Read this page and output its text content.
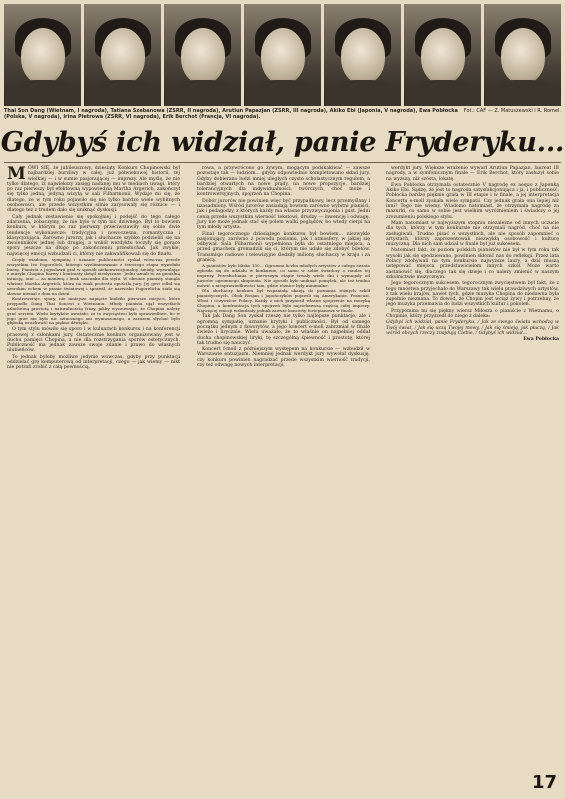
Fot.: CAF — Z. Matuszewski i R. Romel.
Thai Son Dang (Wietnam, I nagroda), Tatiana Szebanowa (ZSRR, II nagroda), Arutiun Papazjan (ZSRR, III nagroda), Akiko Ebi (Japonia, V nagroda), Ewa Pobłocka (Polska, V nagroda), Irina Pietrowa (ZSRR, VI nagroda), Erik Berchot (Francja, VI nagroda).
Gdybyś ich widział, panie Fryderyku...

MÓWI SIĘ, że jubileuszowy, dziesiąty Konkurs Chopinowski był najbardziej burzliwy w całej, już półwiekowej historii, tej wielkiej — i w sumie pasjonującej — imprezy. Ale myślę, że nie tylko dlatego, iż najwiekszy zasięg nadanej mu w mediach uwagi, który po raz pierwszy był efektowną wypowiedzią Martha Argerich, zakończył się tylko jedną, jedyną wizytą w sali Filharmonii. Wydaje mi się, że dlatego, że w tym roku pojawiło się nie tylko bardzo wiele wybitnych osobowości, ale przede wszystkim silnie zarysowały się różnice — i dlatego też z trudem dało się uniknąć dyskusji.

Cały jednak zestawienie się spokojniej i podejść do tego całego zdarzenia, zobaczymy, że nie było w tym nic dziwnego. Był to bowiem konkurs, w którym po raz pierwszy przeciwstawiły się sobie dwie tendencje wykonawcze: tradycyjna i nowoczesna, romantyczna i klasycyzująca. Zarówno jurorzy, jak i słuchacze szybko podzielili się na zwolenników jednej lub drugiej, a wokół werdyktu toczyły się gorące spory jeszcze na długo po zakończeniu przesłuchań. Jak zwykle, najwięcej emocji wzbudzali ci, którzy nie zakwalifikowali się do finału.

Ciepły wiadomo, sympatię i uznanie publiczności zyskał wówczas przede wszystkim Ivo Pogorelich, którego wyeliminowanie z trzeciego etapu wywołało burzę. Pianista z Jugosławii grał w sposób niekonwencjonalny, śmiały, wyzwalając z muzyki Chopina barwy i kontrasty dotąd niesłyszane. Jedni uznali to za genialną intuicję, inni — za manierę i brak szacunku dla stylu. W obronie pianisty stanęła właśnie Martha Argerich, która na znak protestu opuściła jury. Jej gest odbił się szerokim echem w prasie światowej i sprawił, że nazwisko Pogorelicha stało się sławne niemal z dnia na dzień.

Kontrowersje, spory, nie mniejsze napięcie budziło pierwsze miejsce, które przypadło Dang Thai Sonowi z Wietnamu. Młody pianista ujął wszystkich szlachetną prostotą i naturalnością frazy, jakby wyczuwając, że Chopina należy grać sercem. Wielu krytyków uważało, że to zwycięstwo było sprawiedliwe, bo w jego grze nie było nic sztucznego ani wymuszonego, a zarazem słychać było głęboką wrażliwość na piękno dźwięku.

O tym stylu mówiło się sporo i w kuluarach konkursu i na konferencji prasowej z członkami jury. Ostatecznie konkurs organizowany jest w duchu pamięci Chopina, a nie dla rozstrzygania sporów estetycznych. Publiczność ma jednak zawsze swoje zdanie i prawo do własnych ulubieńców.

To jednak byłoby możliwe jedynie wówczas, gdyby przy punktacji oddzielać grę komputerową od interpretacji, czego — jak wiemy — nikt nie potrafi zrobić z całą pewnością.

rowa, a przywrócono go żywym, mogącym podskakiwać — zawsze pozostaje tak — ludziom... gdyby odpowiednio kompletowano skład jury. Gdyby dobierano ludzi mniej uległych czysto scholastycznym regułom, a bardziej otwartych na nowe prądy, na nowe propozycje, bardziej tolerancyjnych dla indywidualności, twórczych, choć może i kontrowersyjnych, spojrzeń na Chopina.

Dobór jurorów nie powinien więc być przypadkowy, lecz przemyślany i uzasadniony. Wśród jurorów zasiadają bowiem zarówno wybitni pianiści, jak i pedagodzy, z których każdy ma własne przyzwyczajenia i gust. Jedni cenią przede wszystkim wierność tekstowi, drudzy — inwencję i odwagę. Jury nie może jednak stać się polem walki poglądów, bo wtedy cierpi na tym młody artysta.

Final tegorocznego dziesiątego konkursu był bowiem... niezwykle pasjonujący, zarówno z powodu poziomu, jak i atmosfery, w jakiej się odbywał. Sala Filharmonii wypełniona była do ostatniego miejsca, a przed gmachem gromadzili się ci, którym nie udało się zdobyć biletów. Transmisje radiowe i telewizyjne śledziły miliony słuchaczy w kraju i za granicą.

A pianistów było blisko 150... Ogromna liczba młodych artystów z całego świata zgłosiła się do udziału w konkursie, co samo w sobie świadczy o randze tej imprezy. Przesłuchania w pierwszym etapie trwały wiele dni i wymagały od jurorów ogromnego skupienia. Nie sposób było uniknąć pomyłek, ale też trudno mówić o niesprawiedliwości tam, gdzie różnice były minimalne.

Dla słuchaczy konkurs był wspaniałą okazją do poznania różnych szkół pianistycznych. Obok Rosjan i Japończyków pojawili się Amerykanie, Francuzi, Włosi i oczywiście Polacy. Każdy z nich przynosił własne spojrzenie na muzykę Chopina, a konfrontacja tych spojrzeń była najciekawszą częścią całej imprezy. Najwięcej emocji wzbudzały jednak zawsze koncerty fortepianowe w finale.

Tak jak Dang Son zyskał rzeszę nie tylko najlepsze punktacje, ale i ogromną sympatię, uznanie krytyki i publiczności. Był od samego początku jednym z faworytów, a jego koncert e-moll zabrzmiał w finale świeżo i lirycznie. Wielu uważało, że to właśnie on najpełniej oddał ducha chopinowskiej liryki, tę szczególną śpiewność i prostotę, której tak trudno się nauczyć.

Koncert f-moll z późniejszym występem na konkursie — wzbudził w Warszawie entuzjazm. Niemniej jednak werdykt jury wywołał dyskusję, czy konkurs powinien nagradzać przede wszystkim wierność tradycji, czy też odwagę nowych interpretacji.

werdykt jury. Większe wrażenie wywarł Arutiun Papazjan, laureat III nagrody, a w symfonicznym finale — Erik Berchot, który zasłużył sobie na wyższą, niż szósta, lokatę.

Ewa Pobłocka otrzymała ostatecznie V nagrodę ex aequo z Japonką Akiko Ebi. Sądzę, że jest to nagroda satysfakcjonująca i ja, i publiczność. Pobłocka bardzo pięknie grała w III etapie i w finale, a jej interpretacja Koncertu e-moll zyskała wiele sympatii. Czy jednak grała ona lepiej niż inni? Tego nie wiemy. Wiadomo natomiast, że otrzymała nagrodę za mazurki, co samo w sobie jest wielkim wyróżnieniem i świadczy o jej zrozumieniu polskiego stylu.

Mam natomiast w najwyższym stopniu niezależne od innych uczucie dla tych, którzy w tym konkursie nie otrzymali nagród, choć na nie zasługiwali. Trudno pisać o wszystkich, ale nie sposób zapomnieć o artystach, którzy zaprezentowali niezwykłą osobowość i kulturę muzyczną. Dla nich sam udział w finale był już sukcesem.

Natomiast fakt, że poziom polskich pianistów nie był w tym roku tak wysoki jak się spodziewano, powinien skłonić nas do refleksji. Przez lata Polacy zdobywali na tym konkursie najwyższe laury, a dziś muszą ustępować miejsca przedstawicielom innych szkół. Może warto zastanowić się, dlaczego tak się dzieje i co należy zmienić w naszym szkolnictwie muzycznym.

Jego tegorocznym sukcesem, tegorocznym zwycięstwem był fakt, że z tego mnóstwa przyjechało do Warszawy tak wielu prawdziwych artystów, z tak wielu krajów, nawet tych, gdzie muzyka Chopina do niedawna była zupełnie nieznana. To dowód, że Chopin jest wciąż żywy i potrzebny, że jego muzyka przemawia do ludzi wszystkich kultur i pokoleń.

Przypomina mi się piękny wiersz Miłosza o pianiście z Wietnamu, o Chopinie, który przyszedł do niego z daleka:

Gdybyś ich widział, panie Fryderyku, / Jak ze swego świata wchodzą w Twój świat, / Jak się uczą Twojej mowy, / Jak się śmieją, jak płaczą, / Jak wśród obcych rzeczy znajdują Ciebie, / Gdybyś ich widział...

Ewa Pobłocka

17
